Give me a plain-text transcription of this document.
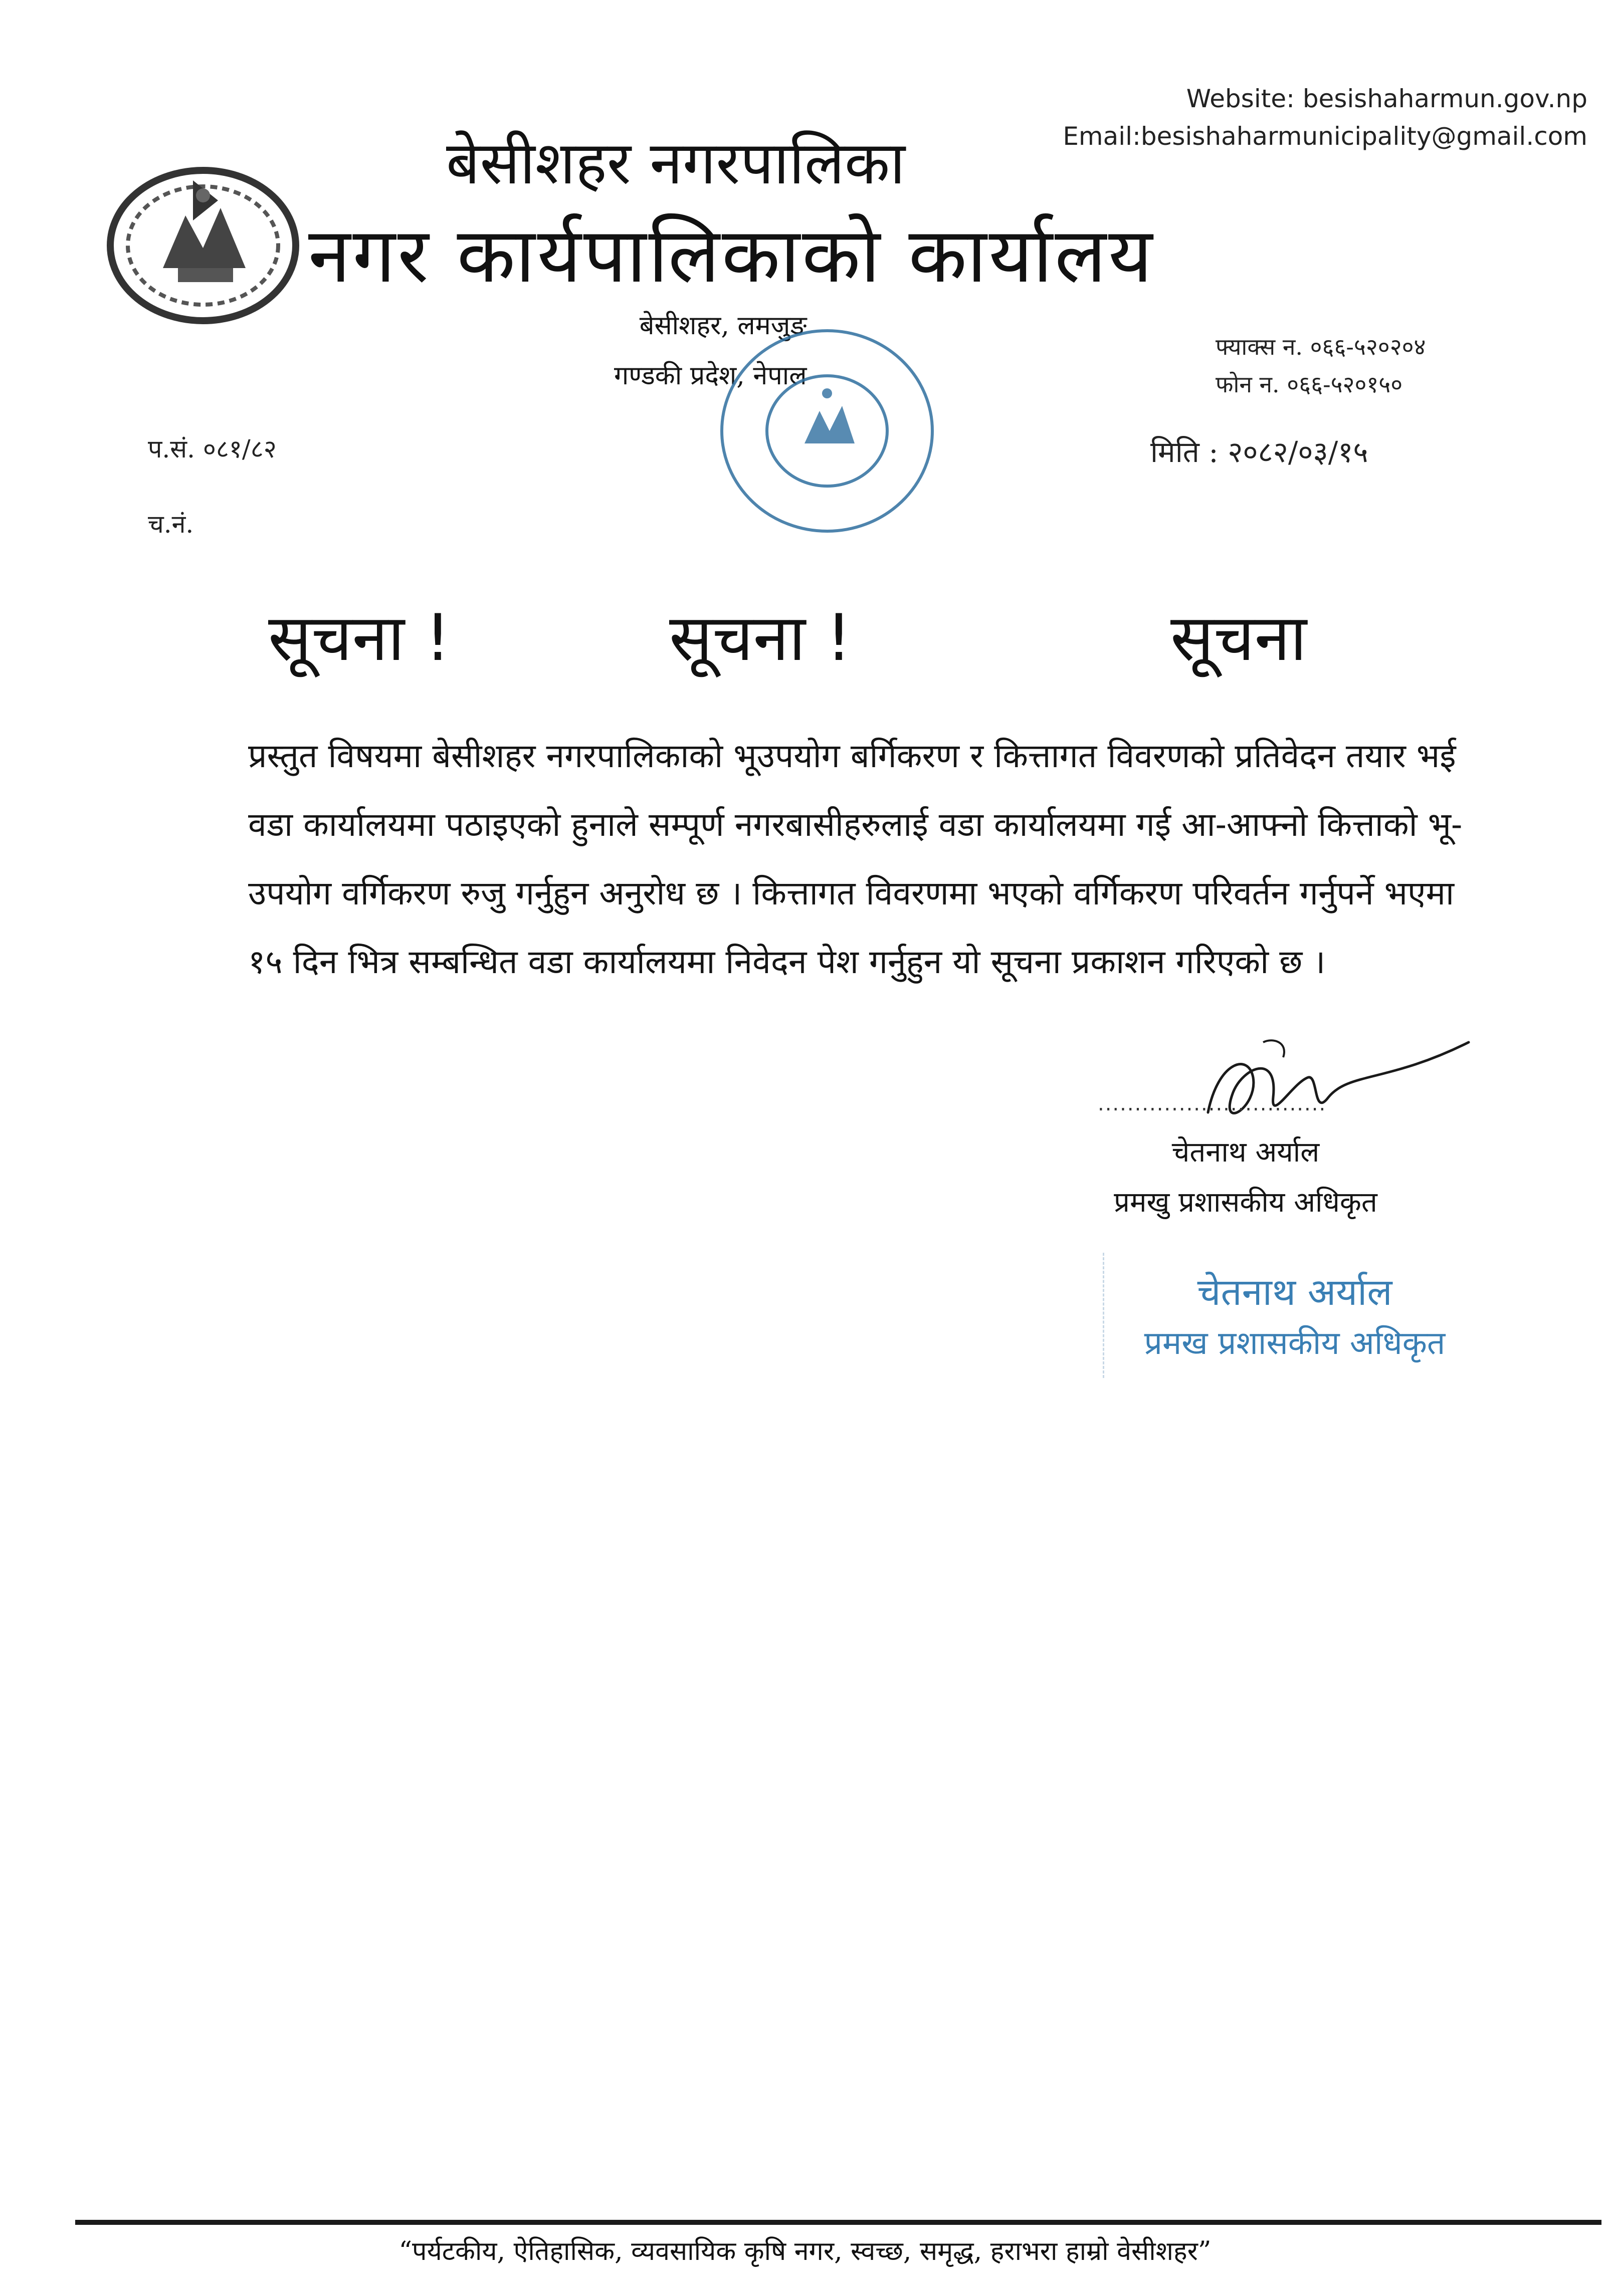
Website: besishaharmun.gov.np
Email:besishaharmunicipality@gmail.com
बेसीशहर नगरपालिका
नगर कार्यपालिकाको कार्यालय
बेसीशहर, लमजुङ
गण्डकी प्रदेश, नेपाल
फ्याक्स न. ०६६-५२०२०४
फोन न. ०६६-५२०१५०
प.सं. ०८१/८२
च.नं.
मिति : २०८२/०३/१५
सूचना !	सूचना !	सूचना

प्रस्तुत विषयमा बेसीशहर नगरपालिकाको भूउपयोग बर्गिकरण र कित्तागत विवरणको प्रतिवेदन तयार भई वडा कार्यालयमा पठाइएको हुनाले सम्पूर्ण नगरबासीहरुलाई वडा कार्यालयमा गई आ-आफ्नो कित्ताको भू-उपयोग वर्गिकरण रुजु गर्नुहुन अनुरोध छ । कित्तागत विवरणमा भएको वर्गिकरण परिवर्तन गर्नुपर्ने भएमा १५ दिन भित्र सम्बन्धित वडा कार्यालयमा निवेदन पेश गर्नुहुन यो सूचना प्रकाशन गरिएको छ ।

...............................
चेतनाथ अर्याल
प्रमखु प्रशासकीय अधिकृत
चेतनाथ अर्याल
प्रमख प्रशासकीय अधिकृत
“पर्यटकीय, ऐतिहासिक, व्यवसायिक कृषि नगर, स्वच्छ, समृद्ध, हराभरा हाम्रो वेसीशहर”
